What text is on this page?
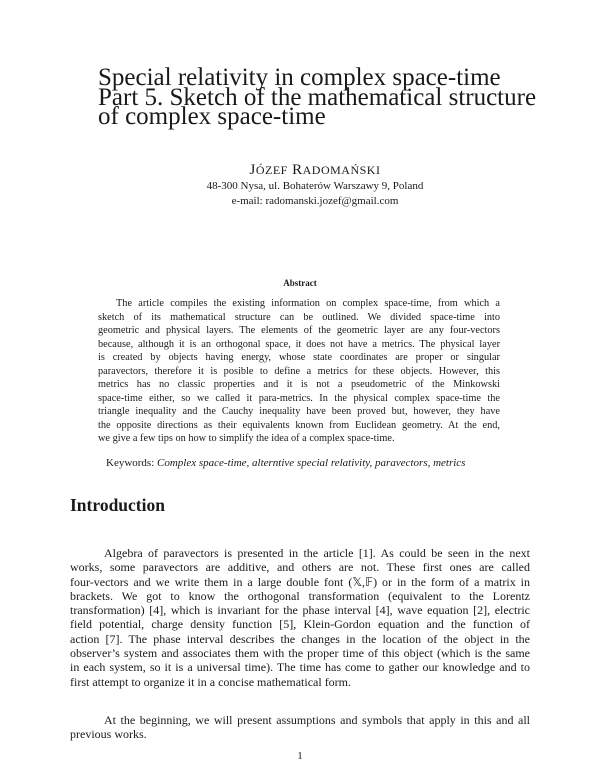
Special relativity in complex space-time
Part 5. Sketch of the mathematical structure
of complex space-time
JÓZEF RADOMAŃSKI
48-300 Nysa, ul. Bohaterów Warszawy 9, Poland
e-mail: radomanski.jozef@gmail.com
Abstract
The article compiles the existing information on complex space-time, from which a
sketch of its mathematical structure can be outlined. We divided space-time into
geometric and physical layers. The elements of the geometric layer are any four-vectors
because, although it is an orthogonal space, it does not have a metrics. The physical layer
is created by objects having energy, whose state coordinates are proper or singular
paravectors, therefore it is posible to define a metrics for these objects. However, this
metrics has no classic properties and it is not a pseudometric of the Minkowski
space-time either, so we called it para-metrics. In the physical complex space-time the
triangle inequality and the Cauchy inequality have been proved but, however, they have
the opposite directions as their equivalents known from Euclidean geometry. At the end,
we give a few tips on how to simplify the idea of a complex space-time.
Keywords: Complex space-time, alterntive special relativity, paravectors, metrics
Introduction
Algebra of paravectors is presented in the article [1]. As could be seen in the next
works, some paravectors are additive, and others are not. These first ones are called
four-vectors and we write them in a large double font (𝕏,𝔽) or in the form of a matrix in
brackets. We got to know the orthogonal transformation (equivalent to the Lorentz
transformation) [4], which is invariant for the phase interval [4], wave equation [2], electric
field potential, charge density function [5], Klein-Gordon equation and the function of
action [7]. The phase interval describes the changes in the location of the object in the
observer’s system and associates them with the proper time of this object (which is the same
in each system, so it is a universal time). The time has come to gather our knowledge and to
first attempt to organize it in a concise mathematical form.
At the beginning, we will present assumptions and symbols that apply in this and all
previous works.
1
